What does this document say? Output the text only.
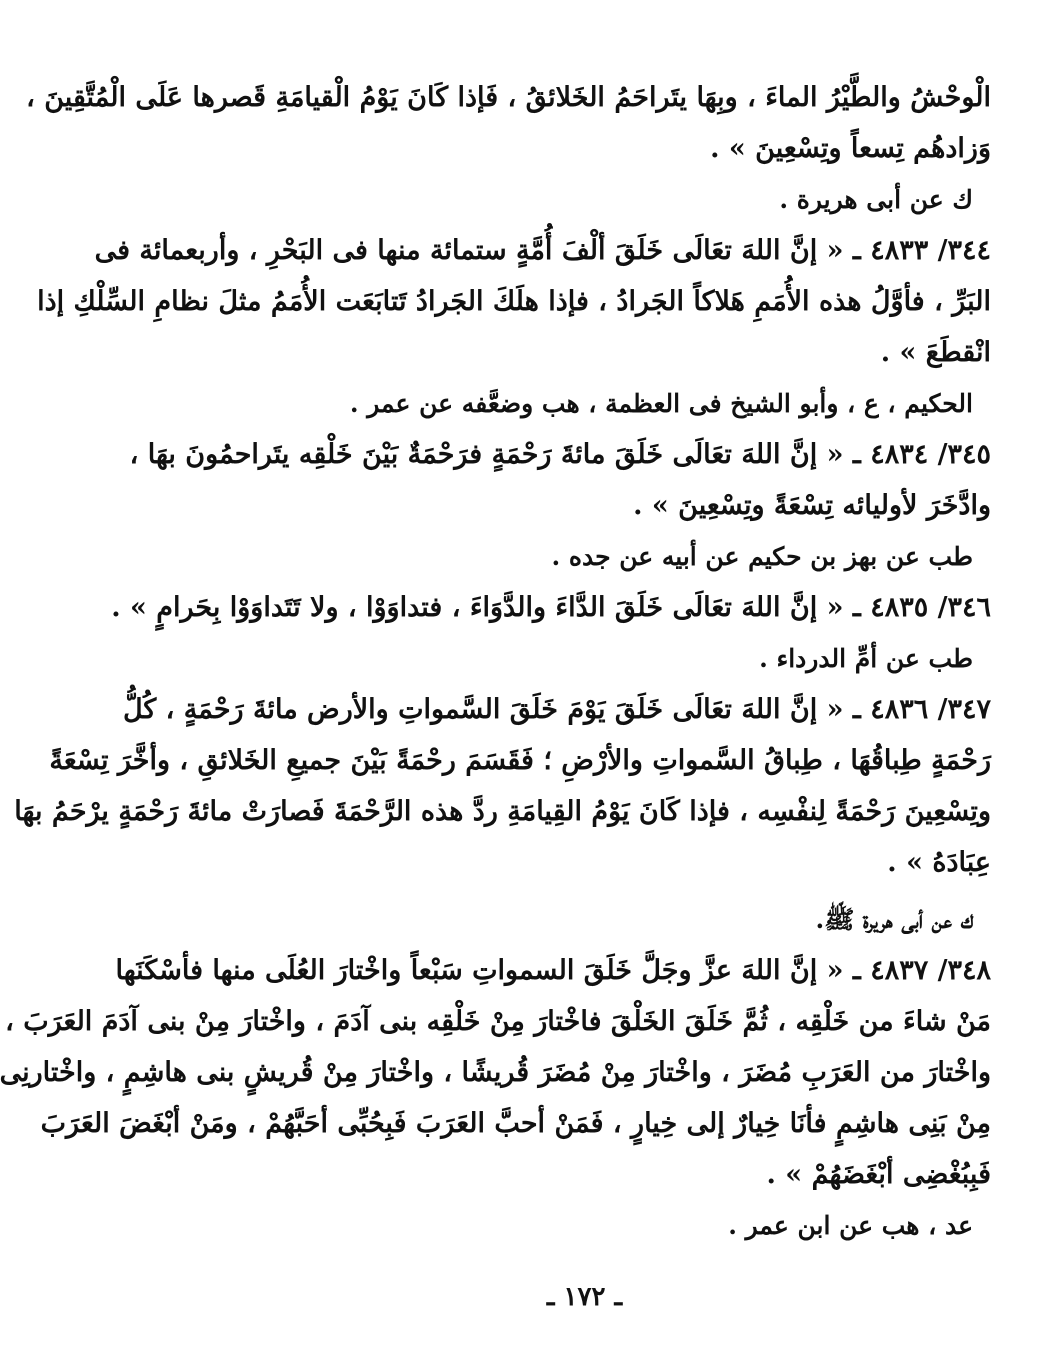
الْوحْشُ والطَّيْرُ الماءَ ، وبِهَا يتَراحَمُ الخَلائقُ ، فَإذا كَانَ يَوْمُ الْقيامَةِ قَصرها عَلَى الْمُتَّقِينَ ،
وَزادهُم تِسعاً وتِسْعِينَ » .
ك عن أبى هريرة .
٣٤٤/ ٤٨٣٣ ـ « إنَّ اللهَ تعَالَى خَلَقَ ألْفَ أُمَّةٍ ستمائة منها فى البَحْرِ ، وأربعمائة فى
البَرِّ ، فأوَّلُ هذه الأُمَمِ هَلاكاً الجَرادُ ، فإذا هلَكَ الجَرادُ تَتابَعَت الأُمَمُ مثلَ نظامِ السِّلْكِ إذا
انْقطَعَ » .
الحكيم ، ع ، وأبو الشيخ فى العظمة ، هب وضعَّفه عن عمر .
٣٤٥/ ٤٨٣٤ ـ « إنَّ اللهَ تعَالَى خَلَقَ مائةَ رَحْمَةٍ فرَحْمَةٌ بَيْنَ خَلْقِه يتَراحمُونَ بهَا ،
وادَّخَرَ لأوليائه تِسْعَةً وتِسْعِينَ » .
طب عن بهز بن حكيم عن أبيه عن جده .
٣٤٦/ ٤٨٣٥ ـ « إنَّ اللهَ تعَالَى خَلَقَ الدَّاءَ والدَّوَاءَ ، فتداوَوْا ، ولا تَتَداوَوْا بِحَرامٍ » .
طب عن أمِّ الدرداء .
٣٤٧/ ٤٨٣٦ ـ « إنَّ اللهَ تعَالَى خَلَقَ يَوْمَ خَلَقَ السَّمواتِ والأرض مائةَ رَحْمَةٍ ، كُلُّ
رَحْمَةٍ طِباقُهَا ، طِباقُ السَّمواتِ والأرْضِ ؛ فَقَسَمَ رحْمَةً بَيْنَ جميعِ الخَلائقِ ، وأخَّرَ تِسْعَةً
وتِسْعِينَ رَحْمَةً لِنفْسِه ، فإذا كَانَ يَوْمُ القِيامَةِ ردَّ هذه الرَّحْمَةَ فَصارَتْ مائةَ رَحْمَةٍ يرْحَمُ بهَا
عِبَادَهُ » .
ك عن أبى هريرة ﷺ.
٣٤٨/ ٤٨٣٧ ـ « إنَّ اللهَ عزَّ وجَلَّ خَلَقَ السمواتِ سَبْعاً واخْتارَ العُلَى منها فأسْكَنَها
مَنْ شاءَ من خَلْقِه ، ثُمَّ خَلَقَ الخَلْقَ فاخْتارَ مِنْ خَلْقِه بنى آدَمَ ، واخْتارَ مِنْ بنى آدَمَ العَرَبَ ،
واخْتارَ من العَرَبِ مُضَرَ ، واخْتارَ مِنْ مُضَرَ قُريشًا ، واخْتارَ مِنْ قُريشٍ بنى هاشِمٍ ، واخْتارنِى
مِنْ بَنِى هاشِمٍ فأنَا خِيارٌ إلى خِيارٍ ، فَمَنْ أحبَّ العَرَبَ فَبِحُبِّى أحَبَّهُمْ ، ومَنْ أبْغَضَ العَرَبَ
فَبِبُغْضِى أبْغَضَهُمْ » .
عد ، هب عن ابن عمر .
ـ ١٧٢ ـ
